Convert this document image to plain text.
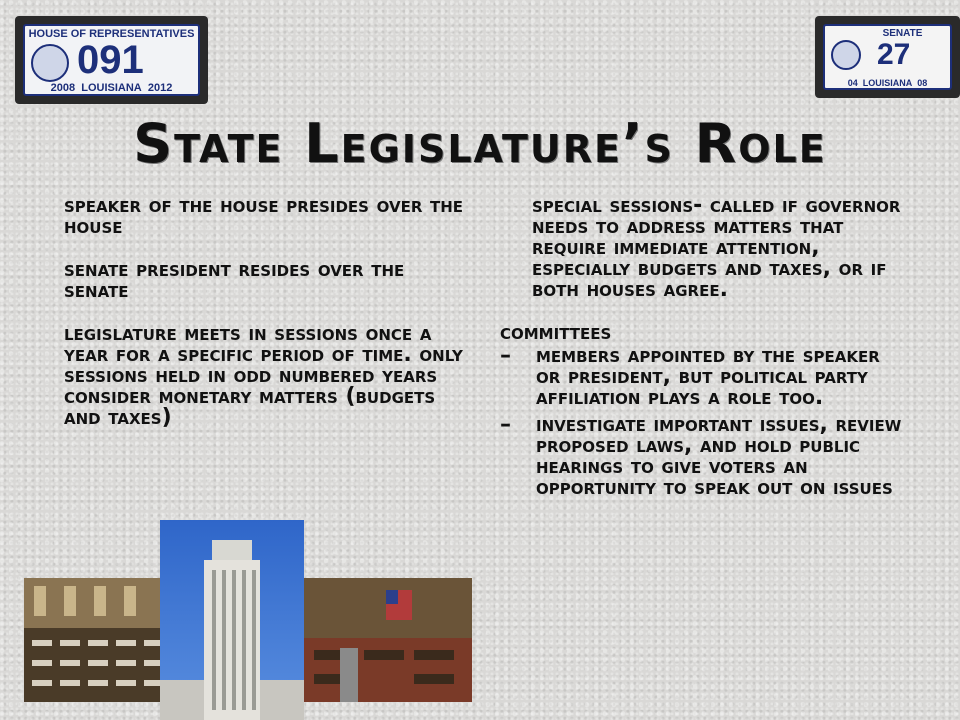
HOUSE OF REPRESENTATIVES
091
2008 LOUISIANA 2012
SENATE
27
04 LOUISIANA 08
State Legislature’s Role

speaker of the house presides over the house

senate president resides over the senate

legislature meets in sessions once a year for a specific period of time. only sessions held in odd numbered years consider monetary matters (budgets and taxes)

special sessions- called if governor needs to address matters that require immediate attention, especially budgets and taxes, or if both houses agree.
committees
– members appointed by the speaker or president, but political party affiliation plays a role too.
– investigate important issues, review proposed laws, and hold public hearings to give voters an opportunity to speak out on issues
